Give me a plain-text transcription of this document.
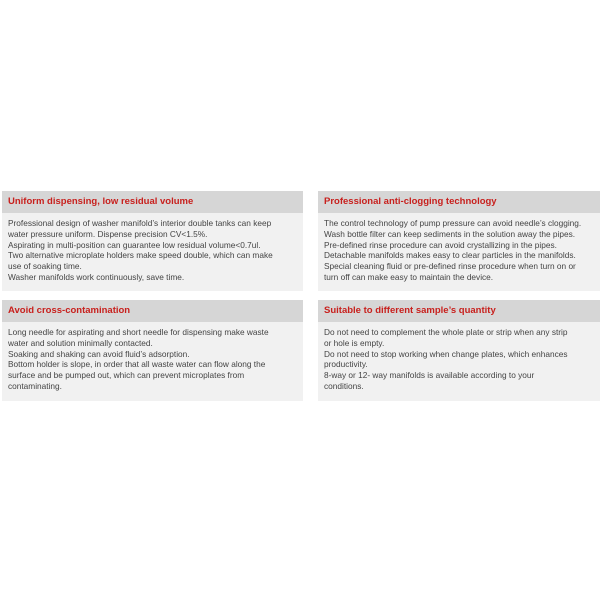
Uniform dispensing, low residual volume

Professional design of washer manifold’s interior double tanks can keep

water pressure uniform. Dispense precision CV<1.5%.

Aspirating in multi-position can guarantee low residual volume<0.7ul.

Two alternative microplate holders make speed double, which can make

use of soaking time.

Washer manifolds work continuously, save time.

Professional anti-clogging technology

The control technology of pump pressure can avoid needle’s clogging.

Wash bottle filter can keep sediments in the solution away the pipes.

Pre-defined rinse procedure can avoid crystallizing in the pipes.

Detachable manifolds makes easy to clear particles in the manifolds.

Special cleaning fluid or pre-defined rinse procedure when turn on or

turn off can make easy to maintain the device.

Avoid cross-contamination

Long needle for aspirating and short needle for dispensing make waste

water and solution minimally contacted.

Soaking and shaking can avoid fluid’s adsorption.

Bottom holder is slope, in order that all waste water can flow along the

surface and be pumped out, which can prevent microplates from

contaminating.

Suitable to different sample’s quantity

Do not need to complement the whole plate or strip when any strip

or hole is empty.

Do not need to stop working when change plates, which enhances

productivity.

8-way or 12- way manifolds is available according to your

conditions.
